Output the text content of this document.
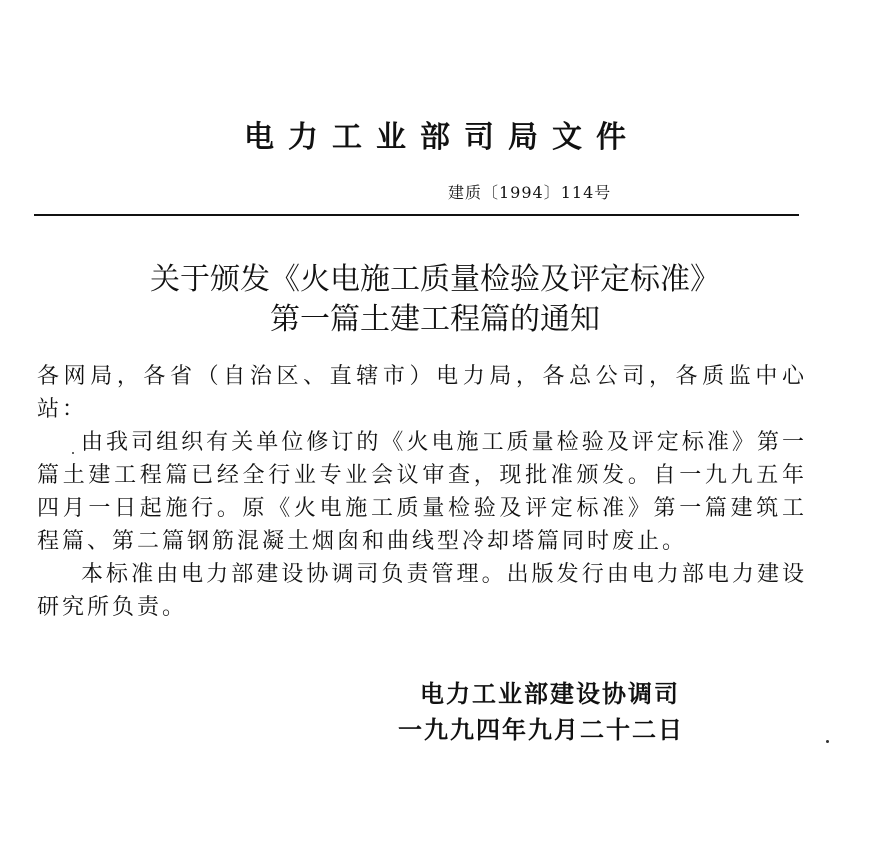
电力工业部司局文件
建质〔1994〕114号
关于颁发《火电施工质量检验及评定标准》
第一篇土建工程篇的通知

各网局，各省（自治区、直辖市）电力局，各总公司，各质监中心站：

由我司组织有关单位修订的《火电施工质量检验及评定标准》第一篇土建工程篇已经全行业专业会议审查，现批准颁发。自一九九五年四月一日起施行。原《火电施工质量检验及评定标准》第一篇建筑工程篇、第二篇钢筋混凝土烟囱和曲线型冷却塔篇同时废止。

本标准由电力部建设协调司负责管理。出版发行由电力部电力建设研究所负责。

电力工业部建设协调司
一九九四年九月二十二日
